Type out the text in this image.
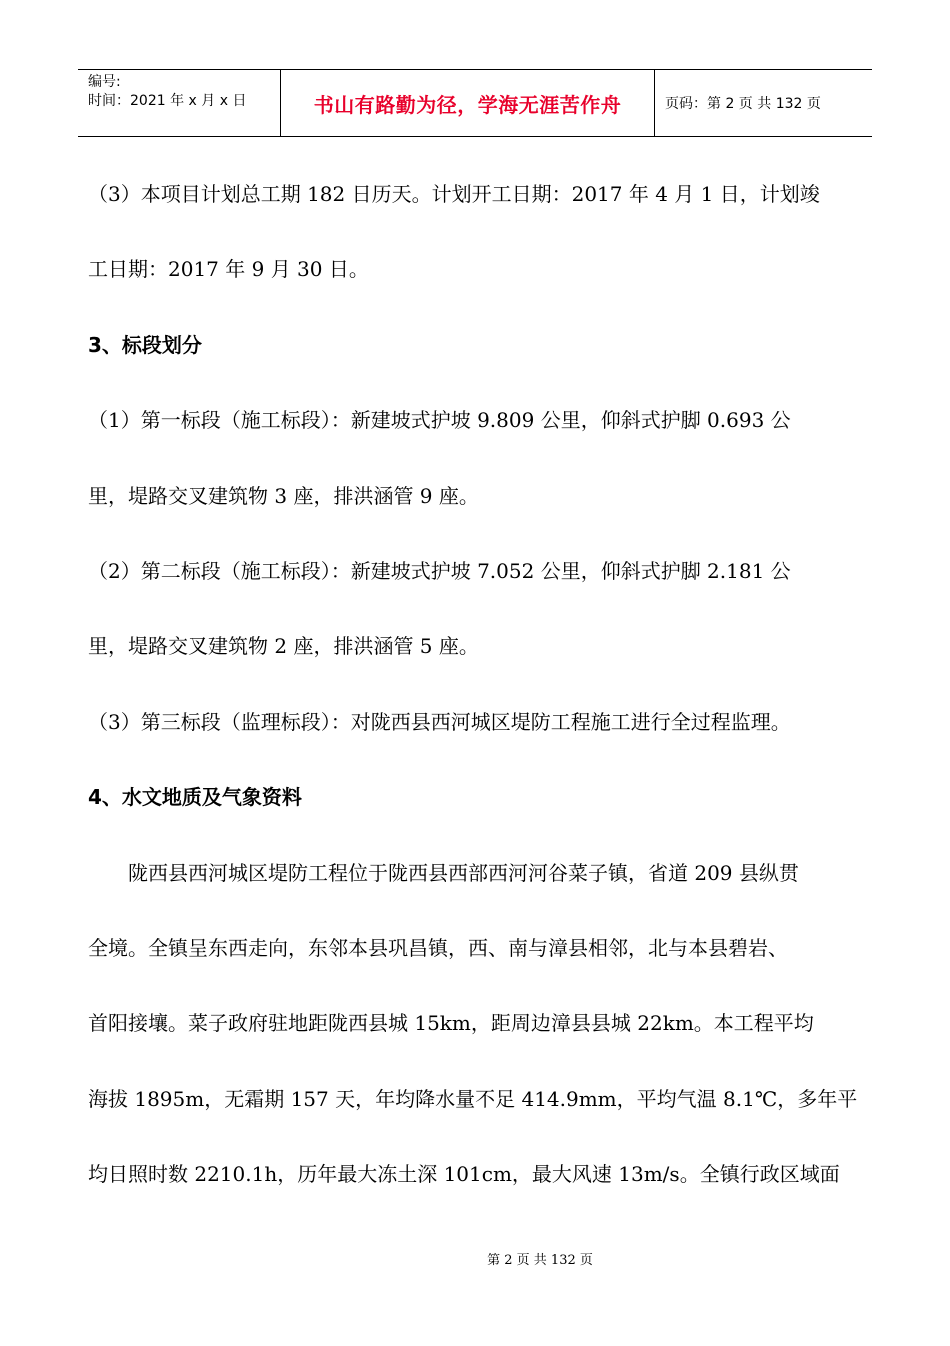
编号:
时间：2021 年 x 月 x 日	书山有路勤为径，学海无涯苦作舟	页码：第 2 页 共 132 页
（3）本项目计划总工期 182 日历天。计划开工日期：2017 年 4 月 1 日，计划竣
工日期：2017 年 9 月 30 日。
3、标段划分
（1）第一标段（施工标段）：新建坡式护坡 9.809 公里，仰斜式护脚 0.693 公
里，堤路交叉建筑物 3 座，排洪涵管 9 座。
（2）第二标段（施工标段）：新建坡式护坡 7.052 公里，仰斜式护脚 2.181 公
里，堤路交叉建筑物 2 座，排洪涵管 5 座。
（3）第三标段（监理标段）：对陇西县西河城区堤防工程施工进行全过程监理。
4、水文地质及气象资料
陇西县西河城区堤防工程位于陇西县西部西河河谷菜子镇，省道 209 县纵贯
全境。全镇呈东西走向，东邻本县巩昌镇，西、南与漳县相邻，北与本县碧岩、
首阳接壤。菜子政府驻地距陇西县城 15km，距周边漳县县城 22km。本工程平均
海拔 1895m，无霜期 157 天，年均降水量不足 414.9mm，平均气温 8.1℃，多年平
均日照时数 2210.1h，历年最大冻土深 101cm，最大风速 13m/s。全镇行政区域面
第 2 页 共 132 页
